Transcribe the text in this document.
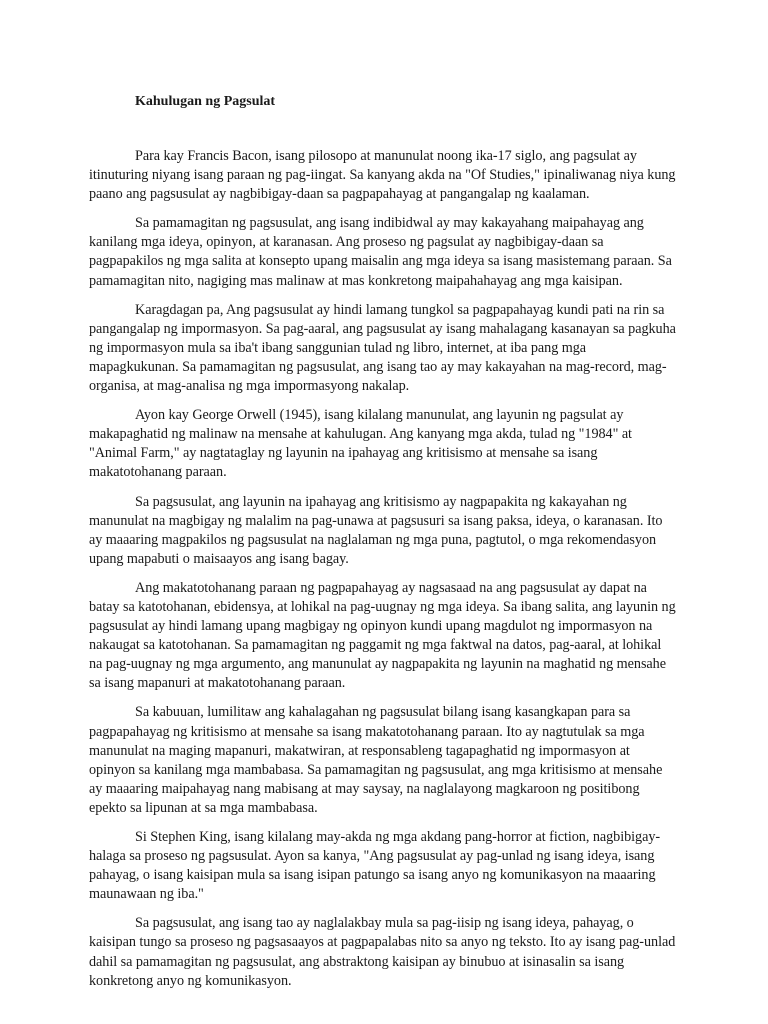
Kahulugan ng Pagsulat

Para kay Francis Bacon, isang pilosopo at manunulat noong ika-17 siglo, ang pagsulat ay itinuturing niyang isang paraan ng pag-iingat. Sa kanyang akda na "Of Studies," ipinaliwanag niya kung paano ang pagsusulat ay nagbibigay-daan sa pagpapahayag at pangangalap ng kaalaman.

Sa pamamagitan ng pagsusulat, ang isang indibidwal ay may kakayahang maipahayag ang kanilang mga ideya, opinyon, at karanasan. Ang proseso ng pagsulat ay nagbibigay-daan sa pagpapakilos ng mga salita at konsepto upang maisalin ang mga ideya sa isang masistemang paraan. Sa pamamagitan nito, nagiging mas malinaw at mas konkretong maipahahayag ang mga kaisipan.

Karagdagan pa, Ang pagsusulat ay hindi lamang tungkol sa pagpapahayag kundi pati na rin sa pangangalap ng impormasyon. Sa pag-aaral, ang pagsusulat ay isang mahalagang kasanayan sa pagkuha ng impormasyon mula sa iba't ibang sanggunian tulad ng libro, internet, at iba pang mga mapagkukunan. Sa pamamagitan ng pagsusulat, ang isang tao ay may kakayahan na mag-record, mag-organisa, at mag-analisa ng mga impormasyong nakalap.

Ayon kay George Orwell (1945), isang kilalang manunulat, ang layunin ng pagsulat ay makapaghatid ng malinaw na mensahe at kahulugan. Ang kanyang mga akda, tulad ng "1984" at "Animal Farm," ay nagtataglay ng layunin na ipahayag ang kritisismo at mensahe sa isang makatotohanang paraan.

Sa pagsusulat, ang layunin na ipahayag ang kritisismo ay nagpapakita ng kakayahan ng manunulat na magbigay ng malalim na pag-unawa at pagsusuri sa isang paksa, ideya, o karanasan. Ito ay maaaring magpakilos ng pagsusulat na naglalaman ng mga puna, pagtutol, o mga rekomendasyon upang mapabuti o maisaayos ang isang bagay.

Ang makatotohanang paraan ng pagpapahayag ay nagsasaad na ang pagsusulat ay dapat na batay sa katotohanan, ebidensya, at lohikal na pag-uugnay ng mga ideya. Sa ibang salita, ang layunin ng pagsusulat ay hindi lamang upang magbigay ng opinyon kundi upang magdulot ng impormasyon na nakaugat sa katotohanan. Sa pamamagitan ng paggamit ng mga faktwal na datos, pag-aaral, at lohikal na pag-uugnay ng mga argumento, ang manunulat ay nagpapakita ng layunin na maghatid ng mensahe sa isang mapanuri at makatotohanang paraan.

Sa kabuuan, lumilitaw ang kahalagahan ng pagsusulat bilang isang kasangkapan para sa pagpapahayag ng kritisismo at mensahe sa isang makatotohanang paraan. Ito ay nagtutulak sa mga manunulat na maging mapanuri, makatwiran, at responsableng tagapaghatid ng impormasyon at opinyon sa kanilang mga mambabasa. Sa pamamagitan ng pagsusulat, ang mga kritisismo at mensahe ay maaaring maipahayag nang mabisang at may saysay, na naglalayong magkaroon ng positibong epekto sa lipunan at sa mga mambabasa.

Si Stephen King, isang kilalang may-akda ng mga akdang pang-horror at fiction, nagbibigay-halaga sa proseso ng pagsusulat. Ayon sa kanya, "Ang pagsusulat ay pag-unlad ng isang ideya, isang pahayag, o isang kaisipan mula sa isang isipan patungo sa isang anyo ng komunikasyon na maaaring maunawaan ng iba."

Sa pagsusulat, ang isang tao ay naglalakbay mula sa pag-iisip ng isang ideya, pahayag, o kaisipan tungo sa proseso ng pagsasaayos at pagpapalabas nito sa anyo ng teksto. Ito ay isang pag-unlad dahil sa pamamagitan ng pagsusulat, ang abstraktong kaisipan ay binubuo at isinasalin sa isang konkretong anyo ng komunikasyon.
